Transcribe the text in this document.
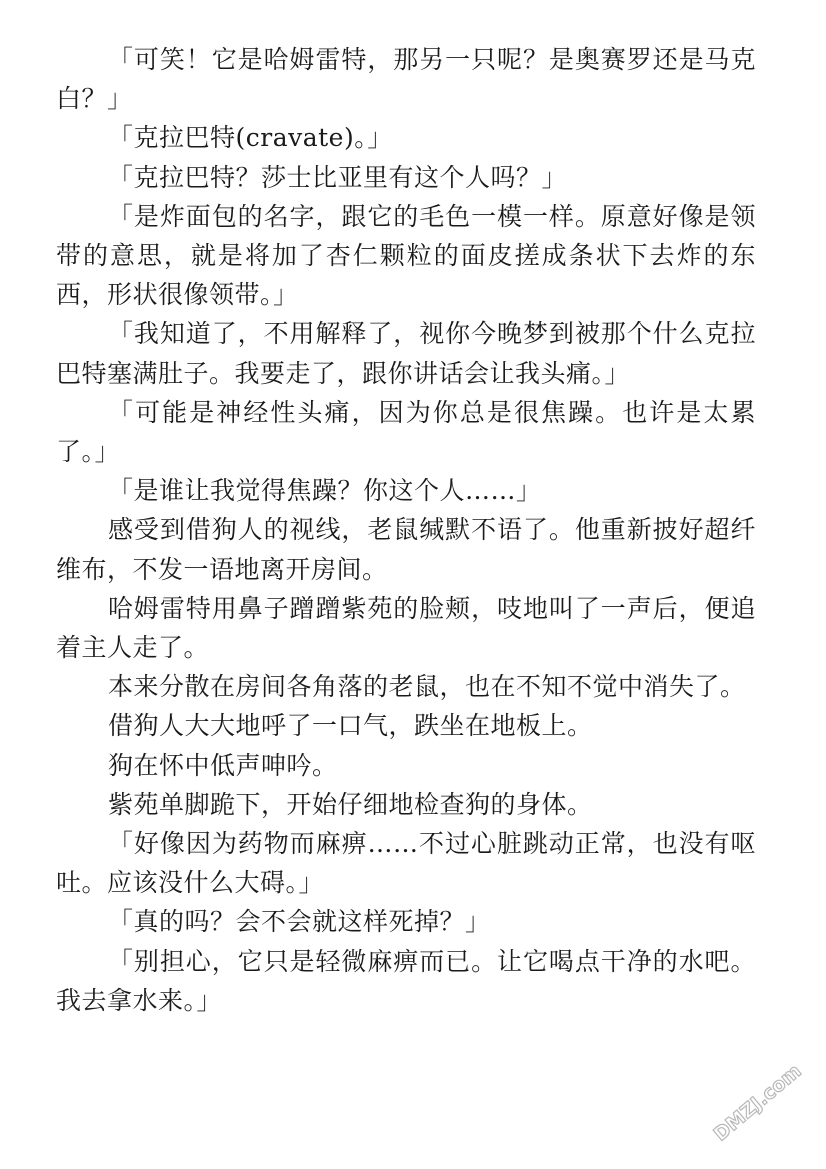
「可笑！它是哈姆雷特，那另一只呢？是奥赛罗还是马克白？」

「克拉巴特(cravate)。」

「克拉巴特？莎士比亚里有这个人吗？」

「是炸面包的名字，跟它的毛色一模一样。原意好像是领带的意思，就是将加了杏仁颗粒的面皮搓成条状下去炸的东西，形状很像领带。」

「我知道了，不用解释了，视你今晚梦到被那个什么克拉巴特塞满肚子。我要走了，跟你讲话会让我头痛。」

「可能是神经性头痛，因为你总是很焦躁。也许是太累了。」

「是谁让我觉得焦躁？你这个人……」

感受到借狗人的视线，老鼠缄默不语了。他重新披好超纤维布，不发一语地离开房间。

哈姆雷特用鼻子蹭蹭紫苑的脸颊，吱地叫了一声后，便追着主人走了。

本来分散在房间各角落的老鼠，也在不知不觉中消失了。

借狗人大大地呼了一口气，跌坐在地板上。

狗在怀中低声呻吟。

紫苑单脚跪下，开始仔细地检查狗的身体。

「好像因为药物而麻痹……不过心脏跳动正常，也没有呕吐。应该没什么大碍。」

「真的吗？会不会就这样死掉？」

「别担心，它只是轻微麻痹而已。让它喝点干净的水吧。我去拿水来。」

DMZJ.com
